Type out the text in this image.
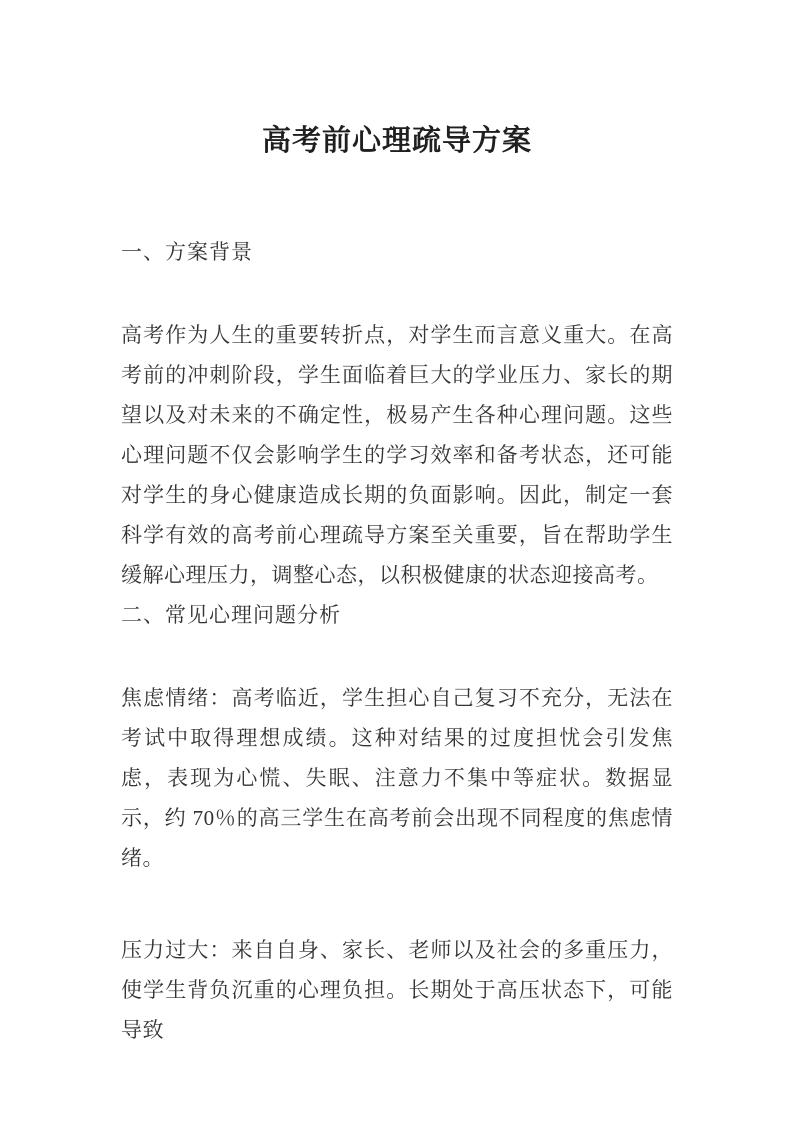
高考前心理疏导方案
一、方案背景

高考作为人生的重要转折点，对学生而言意义重大。在高考前的冲刺阶段，学生面临着巨大的学业压力、家长的期望以及对未来的不确定性，极易产生各种心理问题。这些心理问题不仅会影响学生的学习效率和备考状态，还可能对学生的身心健康造成长期的负面影响。因此，制定一套科学有效的高考前心理疏导方案至关重要，旨在帮助学生缓解心理压力，调整心态，以积极健康的状态迎接高考。

二、常见心理问题分析

焦虑情绪：高考临近，学生担心自己复习不充分，无法在考试中取得理想成绩。这种对结果的过度担忧会引发焦虑，表现为心慌、失眠、注意力不集中等症状。数据显示，约 70％的高三学生在高考前会出现不同程度的焦虑情绪。

压力过大：来自自身、家长、老师以及社会的多重压力，使学生背负沉重的心理负担。长期处于高压状态下，可能导致
